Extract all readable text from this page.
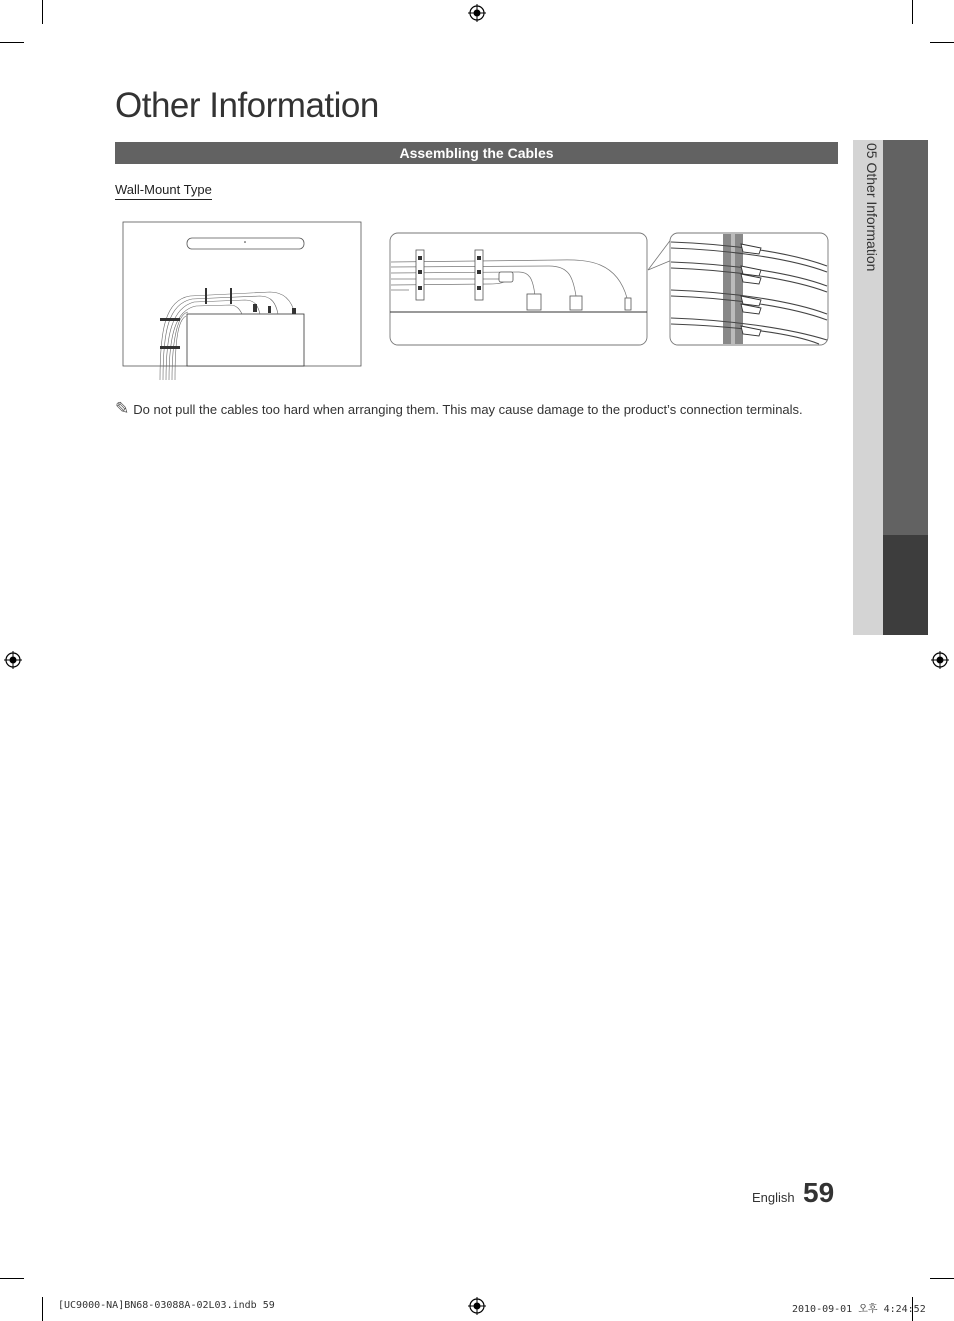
Other Information
Assembling the Cables	05 Other Information
Wall-Mount Type
✎ Do not pull the cables too hard when arranging them. This may cause damage to the product’s connection terminals.
English 59
[UC9000-NA]BN68-03088A-02L03.indb 59	2010-09-01 오후 4:24:52
